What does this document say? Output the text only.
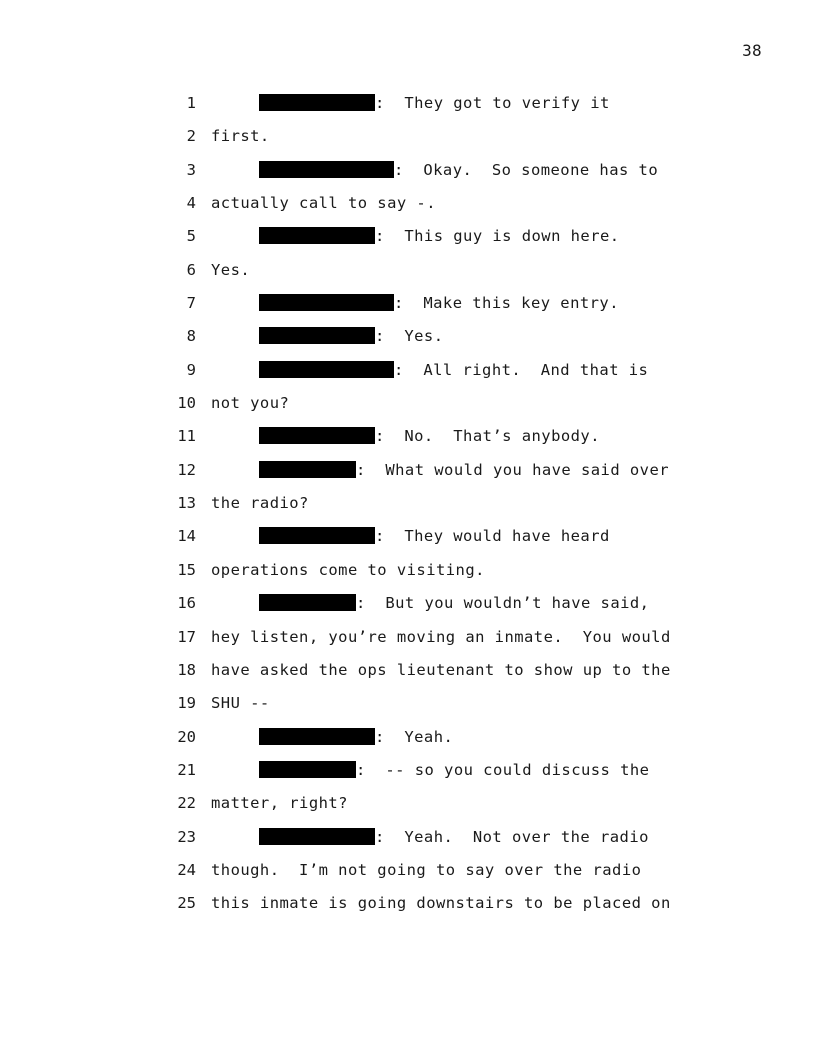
38
1	:  They got to verify it
2 first.
3	:  Okay.  So someone has to
4 actually call to say -.
5	:  This guy is down here.
6 Yes.
7	:  Make this key entry.
8	:  Yes.
9	:  All right.  And that is
10 not you?
11	:  No.  That’s anybody.
12	:  What would you have said over
13 the radio?
14	:  They would have heard
15 operations come to visiting.
16	:  But you wouldn’t have said,
17 hey listen, you’re moving an inmate.  You would
18 have asked the ops lieutenant to show up to the
19 SHU --
20	:  Yeah.
21	:  -- so you could discuss the
22 matter, right?
23	:  Yeah.  Not over the radio
24 though.  I’m not going to say over the radio
25 this inmate is going downstairs to be placed on
